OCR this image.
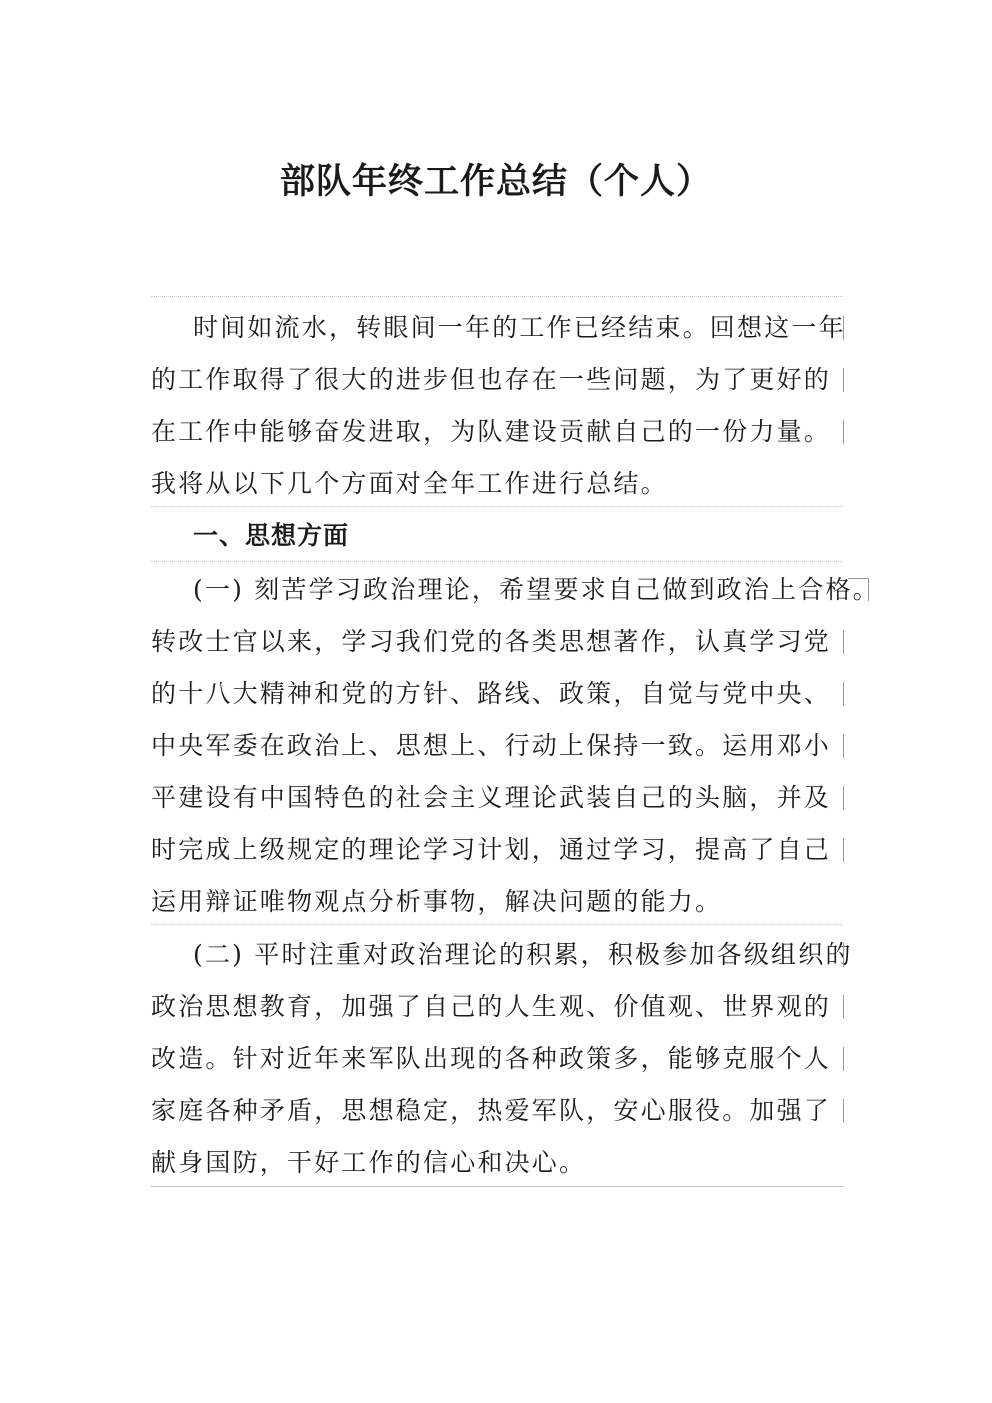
部队年终工作总结（个人）

时间如流水，转眼间一年的工作已经结束。回想这一年
的工作取得了很大的进步但也存在一些问题，为了更好的
在工作中能够奋发进取，为队建设贡献自己的一份力量。
我将从以下几个方面对全年工作进行总结。

一、思想方面

(一) 刻苦学习政治理论，希望要求自己做到政治上合格。
转改士官以来，学习我们党的各类思想著作，认真学习党
的十八大精神和党的方针、路线、政策，自觉与党中央、
中央军委在政治上、思想上、行动上保持一致。运用邓小
平建设有中国特色的社会主义理论武装自己的头脑，并及
时完成上级规定的理论学习计划，通过学习，提高了自己
运用辩证唯物观点分析事物，解决问题的能力。

(二) 平时注重对政治理论的积累，积极参加各级组织的
政治思想教育，加强了自己的人生观、价值观、世界观的
改造。针对近年来军队出现的各种政策多，能够克服个人
家庭各种矛盾，思想稳定，热爱军队，安心服役。加强了
献身国防，干好工作的信心和决心。
